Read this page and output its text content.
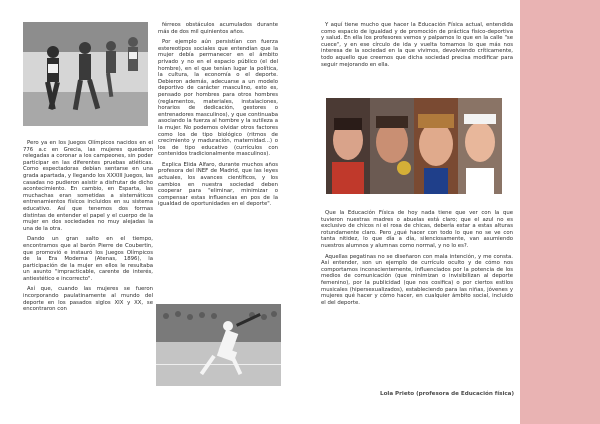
Pero ya en los Juegos Olímpicos nacidos en el 776 a.c en Grecia, las mujeres quedaron relegadas a coronar a los campeones, sin poder participar en las diferentes pruebas atléticas. Como espectadoras debían sentarse en una grada apartada, y llegando los XXXIII Juegos, las casadas no pudieron asistir a disfrutar de dicho acontecimiento. En cambio, en Esparta, las muchachas eran sometidas a sistemáticos entrenamientos físicos incluidos en su sistema educativo. Así que tenemos dos formas distintas de entender el papel y el cuerpo de la mujer en dos sociedades no muy alejadas la una de la otra.

Dando un gran salto en el tiempo, encontramos que al barón Pierre de Coubertin, que promovió e instauró los Juegos Olímpicos de la Era Moderna (Atenas, 1896), la participación de la mujer en ellos le resultaba un asunto "impracticable, carente de interés, antiestético e incorrecto".

Así que, cuando las mujeres se fueron incorporando paulatinamente al mundo del deporte en los pasados siglos XIX y XX, se encontraron con

férreos obstáculos acumulados durante más de dos mil quinientos años.

Por ejemplo aún persistían con fuerza estereotipos sociales que entendían que la mujer debía permanecer en el ámbito privado y no en el espacio público (el del hombre), en el que tenían lugar la política, la cultura, la economía o el deporte. Debieron además, adecuarse a un modelo deportivo de carácter masculino, esto es, pensado por hombres para otros hombres (reglamentos, materiales, instalaciones, horarios de dedicación, gestores o entrenadores masculinos), y que continuaba asociando la fuerza al hombre y la sutileza a la mujer. No podemos olvidar otros factores como los de tipo biológico (ritmos de crecimiento y maduración, maternidad...) o los de tipo educativo (currículos con contenidos tradicionalmente masculinos).

Explica Elida Alfaro, durante muchos años profesora del INEF de Madrid, que las leyes actuales, los avances científicos, y los cambios en nuestra sociedad deben cooperar para "eliminar, minimizar o compensar estas influencias en pos de la igualdad de oportunidades en el deporte".

Y aquí tiene mucho que hacer la Educación Física actual, entendida como espacio de igualdad y de promoción de práctica físico-deportiva y salud. En ella los profesores vemos y palpamos lo que en la calle "se cuece", y en ese círculo de ida y vuelta tomamos lo que más nos interesa de la sociedad en la que vivimos, devolviendo críticamente, todo aquello que creemos que dicha sociedad precisa modificar para seguir mejorando en ella.

Que la Educación Física de hoy nada tiene que ver con la que tuvieron nuestras madres o abuelas está claro; que el azul no es exclusivo de chicos ni el rosa de chicas, debería estar a estas alturas rotundamente claro. Pero ¿qué hacer con todo lo que no se ve con tanta nitidez, lo que día a día, silenciosamente, van asumiendo nuestros alumnos y alumnas como normal, y no lo es?.

Aquellas pegatinas no se diseñaron con mala intención, y me consta. Así entender, son un ejemplo de currículo oculto y de cómo nos comportamos inconscientemente, influenciados por la potencia de los medios de comunicación (que minimizan o invisibilizan al deporte femenino), por la publicidad (que nos cosifica) o por ciertos estilos musicales (hipersexualizados), estableciendo para las niñas, jóvenes y mujeres qué hacer y cómo hacer, en cualquier ámbito social, incluido el del deporte.

Lola Prieto (profesora de Educación física)
